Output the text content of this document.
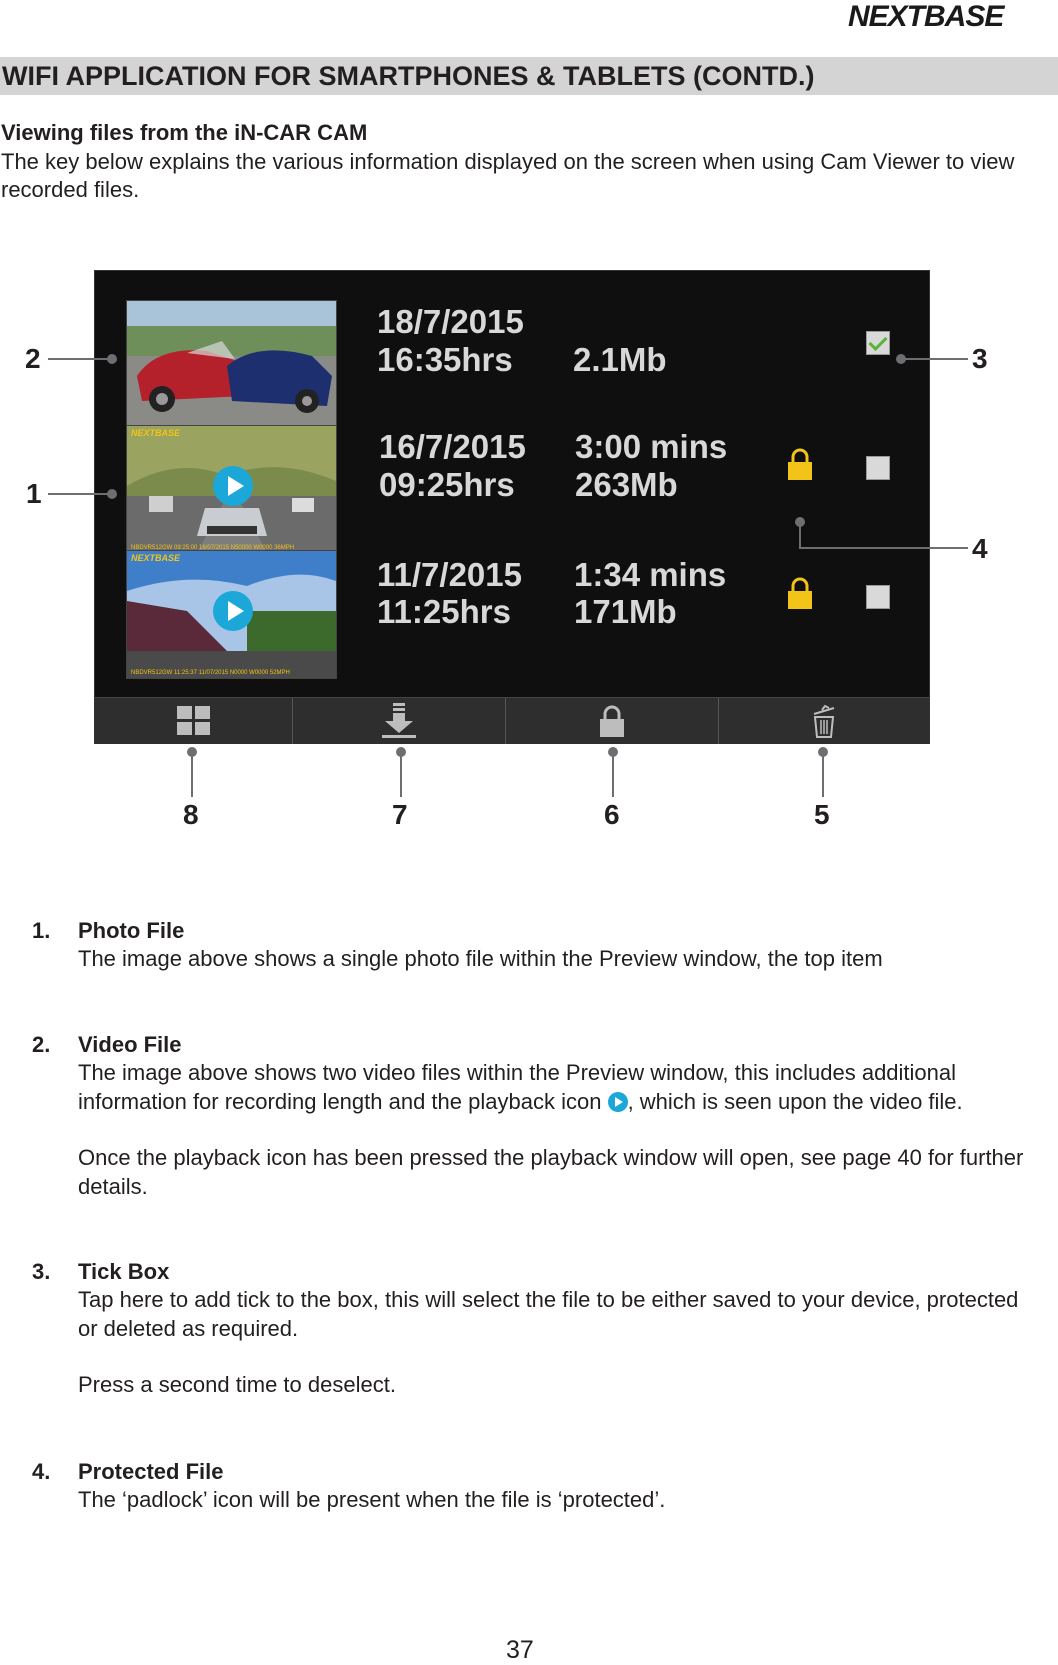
NEXTBASE
WIFI APPLICATION FOR SMARTPHONES & TABLETS (CONTD.)
Viewing files from the iN-CAR CAM
The key below explains the various information displayed on the screen when using Cam Viewer to view recorded files.
18/7/2015
16:35hrs 2.1Mb
NEXTBASE
NBDVR512GW 09:25:00 16/07/2015 N50000 W0000 36MPH
16/7/2015
09:25hrs
3:00 mins
263Mb
NEXTBASE
NBDVR512GW 11:25:37 11/07/2015 N0000 W0000 52MPH
11/7/2015
11:25hrs
1:34 mins
171Mb
2
1
3
4
8	7	6	5
1. Photo File
The image above shows a single photo file within the Preview window, the top item
2. Video File
The image above shows two video files within the Preview window, this includes additional information for recording length and the playback icon , which is seen upon the video file.
Once the playback icon has been pressed the playback window will open, see page 40 for further details.
3. Tick Box
Tap here to add tick to the box, this will select the file to be either saved to your device, protected or deleted as required.
Press a second time to deselect.
4. Protected File
The ‘padlock’ icon will be present when the file is ‘protected’.
37
